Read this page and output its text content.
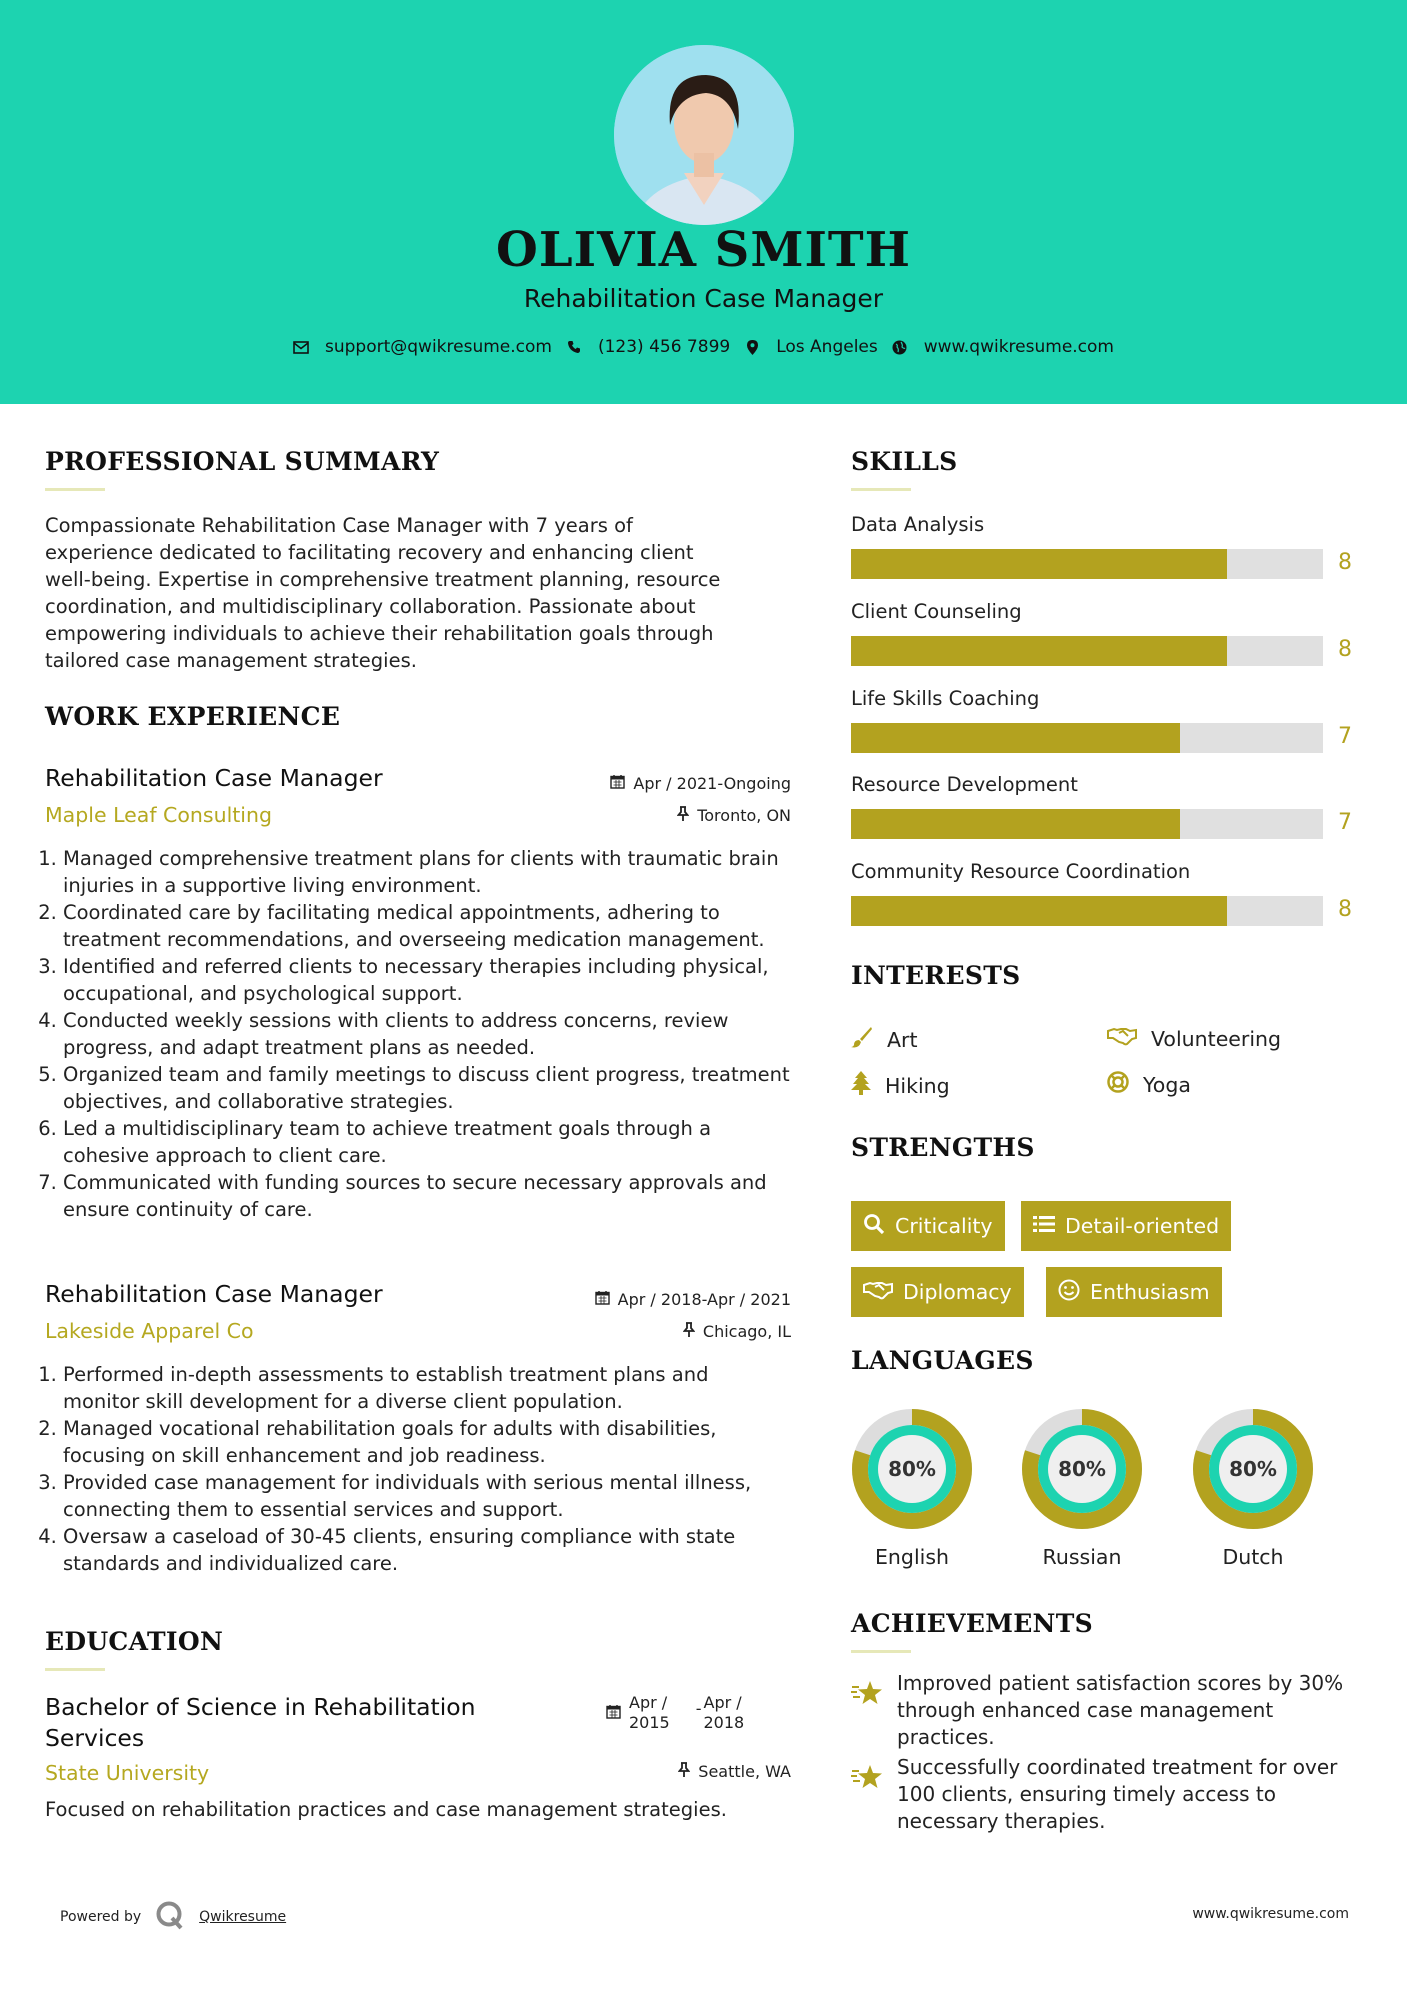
OLIVIA SMITH
Rehabilitation Case Manager
support@qwikresume.com	(123) 456 7899	Los Angeles	www.qwikresume.com
PROFESSIONAL SUMMARY
Compassionate Rehabilitation Case Manager with 7 years of
experience dedicated to facilitating recovery and enhancing client
well-being. Expertise in comprehensive treatment planning, resource
coordination, and multidisciplinary collaboration. Passionate about
empowering individuals to achieve their rehabilitation goals through
tailored case management strategies.
WORK EXPERIENCE
Rehabilitation Case Manager	Apr / 2021-Ongoing
Maple Leaf Consulting	Toronto, ON
1. Managed comprehensive treatment plans for clients with traumatic brain injuries in a supportive living environment.
2. Coordinated care by facilitating medical appointments, adhering to treatment recommendations, and overseeing medication management.
3. Identified and referred clients to necessary therapies including physical, occupational, and psychological support.
4. Conducted weekly sessions with clients to address concerns, review progress, and adapt treatment plans as needed.
5. Organized team and family meetings to discuss client progress, treatment objectives, and collaborative strategies.
6. Led a multidisciplinary team to achieve treatment goals through a cohesive approach to client care.
7. Communicated with funding sources to secure necessary approvals and ensure continuity of care.
Rehabilitation Case Manager	Apr / 2018-Apr / 2021
Lakeside Apparel Co	Chicago, IL
1. Performed in-depth assessments to establish treatment plans and monitor skill development for a diverse client population.
2. Managed vocational rehabilitation goals for adults with disabilities, focusing on skill enhancement and job readiness.
3. Provided case management for individuals with serious mental illness, connecting them to essential services and support.
4. Oversaw a caseload of 30-45 clients, ensuring compliance with state standards and individualized care.
EDUCATION
Bachelor of Science in Rehabilitation
Services
Apr /
2015
- Apr /
2018
State University	Seattle, WA
Focused on rehabilitation practices and case management strategies.
SKILLS
Data Analysis
8
Client Counseling
8
Life Skills Coaching
7
Resource Development
7
Community Resource Coordination
8
INTERESTS
Art	Volunteering
Hiking	Yoga
STRENGTHS
Criticality	Detail-oriented
Diplomacy	Enthusiasm
LANGUAGES
80%
English
80%
Russian
80%
Dutch
ACHIEVEMENTS
Improved patient satisfaction scores by 30%
through enhanced case management
practices.
Successfully coordinated treatment for over
100 clients, ensuring timely access to
necessary therapies.
Powered by	Qwikresume	www.qwikresume.com
